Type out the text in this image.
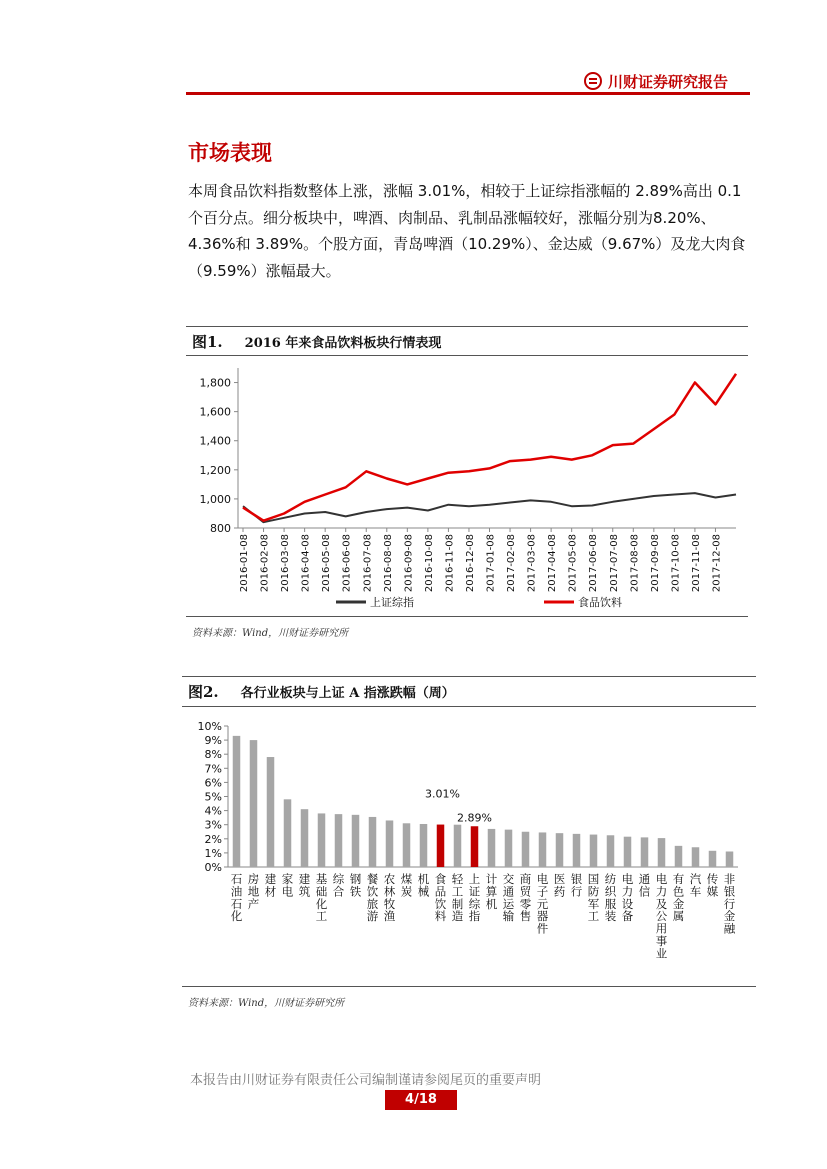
川财证券研究报告
市场表现
本周食品饮料指数整体上涨，涨幅 3.01%，相较于上证综指涨幅的 2.89%高出 0.1 个百分点。细分板块中，啤酒、肉制品、乳制品涨幅较好，涨幅分别为8.20%、4.36%和 3.89%。个股方面，青岛啤酒（10.29%）、金达威（9.67%）及龙大肉食（9.59%）涨幅最大。
图1. 2016 年来食品饮料板块行情表现
800
1,000
1,200
1,400
1,600
1,800
2016-01-08 2016-02-08 2016-03-08 2016-04-08 2016-05-08 2016-06-08 2016-07-08 2016-08-08 2016-09-08 2016-10-08 2016-11-08 2016-12-08 2017-01-08 2017-02-08 2017-03-08 2017-04-08 2017-05-08 2017-06-08 2017-07-08 2017-08-08 2017-09-08 2017-10-08 2017-11-08 2017-12-08
上证综指	食品饮料
资料来源：Wind，川财证券研究所
图2. 各行业板块与上证 A 指涨跌幅（周）
0%
1%
2%
3%
4%
5%
6%
7%
8%
9%
10%
石油石化
房地产
建材
家电
建筑
基础化工
综合
钢铁
餐饮旅游
农林牧渔
煤炭
机械
食品饮料
轻工制造
上证综指
计算机
交通运输
商贸零售
电子元器件
医药
银行
国防军工
纺织服装
电力设备
通信
电力及公用事业
有色金属
汽车
传媒
非银行金融
3.01%
2.89%
资料来源：Wind，川财证券研究所
本报告由川财证券有限责任公司编制谨请参阅尾页的重要声明
4/18
